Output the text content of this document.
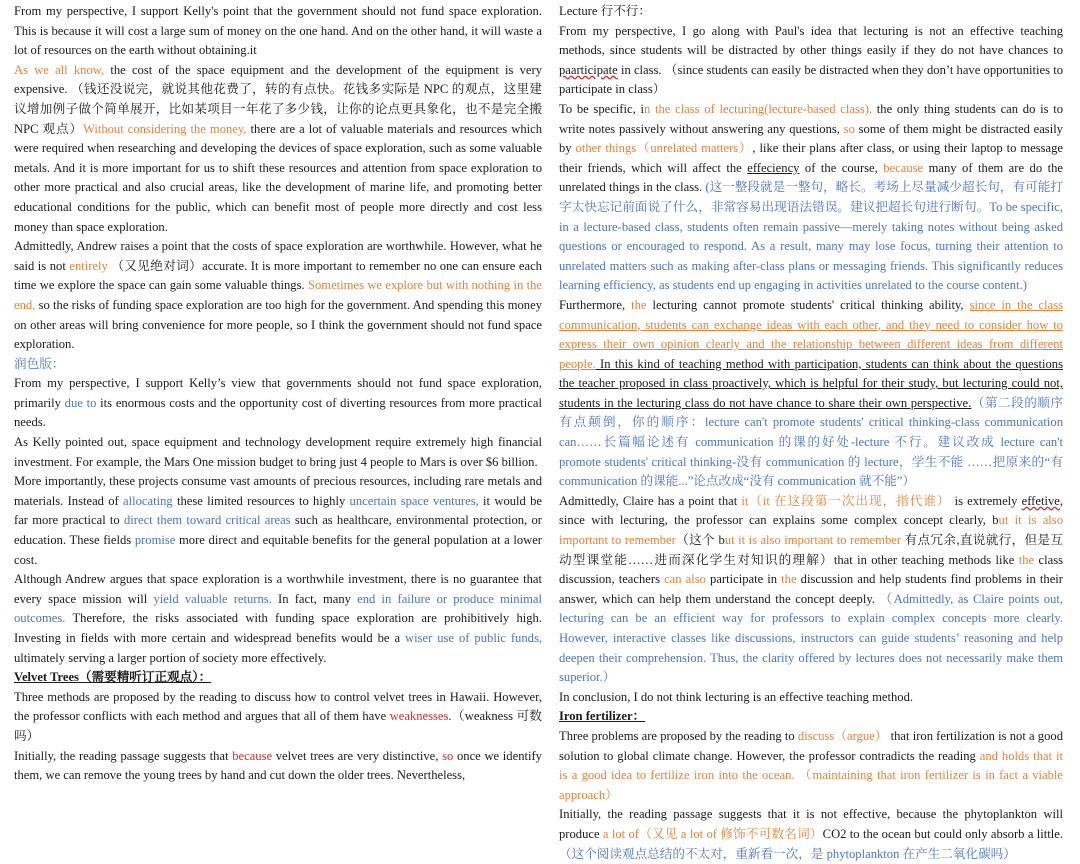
From my perspective, I support Kelly's point that the government should not fund space exploration. This is because it will cost a large sum of money on the one hand. And on the other hand, it will waste a lot of resources on the earth without obtaining.it

As we all know, the cost of the space equipment and the development of the equipment is very expensive. （钱还没说完，就说其他花费了，转的有点快。花钱多实际是 NPC 的观点，这里建议增加例子做个简单展开，比如某项目一年花了多少钱，让你的论点更具象化，也不是完全搬 NPC 观点）Without considering the money, there are a lot of valuable materials and resources which were required when researching and developing the devices of space exploration, such as some valuable metals. And it is more important for us to shift these resources and attention from space exploration to other more practical and also crucial areas, like the development of marine life, and promoting better educational conditions for the public, which can benefit most of people more directly and cost less money than space exploration.

Admittedly, Andrew raises a point that the costs of space exploration are worthwhile. However, what he said is not entirely （又见绝对词）accurate. It is more important to remember no one can ensure each time we explore the space can gain some valuable things. Sometimes we explore but with nothing in the end, so the risks of funding space exploration are too high for the government. And spending this money on other areas will bring convenience for more people, so I think the government should not fund space exploration.

润色版：

From my perspective, I support Kelly’s view that governments should not fund space exploration, primarily due to its enormous costs and the opportunity cost of diverting resources from more practical needs.

As Kelly pointed out, space equipment and technology development require extremely high financial investment. For example, the Mars One mission budget to bring just 4 people to Mars is over $6 billion.

More importantly, these projects consume vast amounts of precious resources, including rare metals and materials. Instead of allocating these limited resources to highly uncertain space ventures, it would be far more practical to direct them toward critical areas such as healthcare, environmental protection, or education. These fields promise more direct and equitable benefits for the general population at a lower cost.

Although Andrew argues that space exploration is a worthwhile investment, there is no guarantee that every space mission will yield valuable returns. In fact, many end in failure or produce minimal outcomes. Therefore, the risks associated with funding space exploration are prohibitively high. Investing in fields with more certain and widespread benefits would be a wiser use of public funds, ultimately serving a larger portion of society more effectively.

Velvet Trees（需要精听订正观点）：

Three methods are proposed by the reading to discuss how to control velvet trees in Hawaii. However, the professor conflicts with each method and argues that all of them have weaknesses.（weakness 可数吗）

Initially, the reading passage suggests that because velvet trees are very distinctive, so once we identify them, we can remove the young trees by hand and cut down the older trees. Nevertheless,

Lecture 行不行：

From my perspective, I go along with Paul's idea that lecturing is not an effective teaching methods, since students will be distracted by other things easily if they do not have chances to paarticipate in class. （since students can easily be distracted when they don’t have opportunities to participate in class）

To be specific, in the class of lecturing(lecture-based class), the only thing students can do is to write notes passively without answering any questions, so some of them might be distracted easily by other things（unrelated matters）, like their plans after class, or using their laptop to message their friends, which will affect the effeciency of the course, because many of them are do the unrelated things in the class. (这一整段就是一整句，略长。考场上尽量减少超长句，有可能打字太快忘记前面说了什么，非常容易出现语法错误。建议把超长句进行断句。To be specific, in a lecture-based class, students often remain passive—merely taking notes without being asked questions or encouraged to respond. As a result, many may lose focus, turning their attention to unrelated matters such as making after-class plans or messaging friends. This significantly reduces learning efficiency, as students end up engaging in activities unrelated to the course content.)

Furthermore, the lecturing cannot promote students' critical thinking ability, since in the class communication, students can exchange ideas with each other, and they need to consider how to express their own opinion clearly and the relationship between different ideas from different people. In this kind of teaching method with participation, students can think about the questions the teacher proposed in class proactively, which is helpful for their study, but lecturing could not, students in the lecturing class do not have chance to share their own perspective.（第二段的顺序有点颠倒，你的顺序：lecture can't promote students' critical thinking-class communication can……长篇幅论述有 communication 的课的好处-lecture 不行。建议改成 lecture can't promote students' critical thinking-没有 communication 的 lecture，学生不能 ……把原来的“有 communication 的课能...”论点改成“没有 communication 就不能”）

Admittedly, Claire has a point that it（it 在这段第一次出现，指代谁） is extremely effetive, since with lecturing, the professor can explains some complex concept clearly, but it is also important to remember（这个 but it is also important to remember 有点冗余,直说就行，但是互动型课堂能……进而深化学生对知识的理解）that in other teaching methods like the class discussion, teachers can also participate in the discussion and help students find problems in their answer, which can help them understand the concept deeply. （Admittedly, as Claire points out, lecturing can be an efficient way for professors to explain complex concepts more clearly. However, interactive classes like discussions, instructors can guide students’ reasoning and help deepen their comprehension. Thus, the clarity offered by lectures does not necessarily make them superior.）

In conclusion, I do not think lecturing is an effective teaching method.

Iron fertilizer：

Three problems are proposed by the reading to discuss（argue） that iron fertilization is not a good solution to global climate change. However, the professor contradicts the reading and holds that it is a good idea to fertilize iron into the ocean. （maintaining that iron fertilizer is in fact a viable approach）

Initially, the reading passage suggests that it is not effective, because the phytoplankton will produce a lot of（又见 a lot of 修饰不可数名词）CO2 to the ocean but could only absorb a little. （这个阅读观点总结的不太对，重新看一次，是 phytoplankton 在产生二氧化碳吗）
